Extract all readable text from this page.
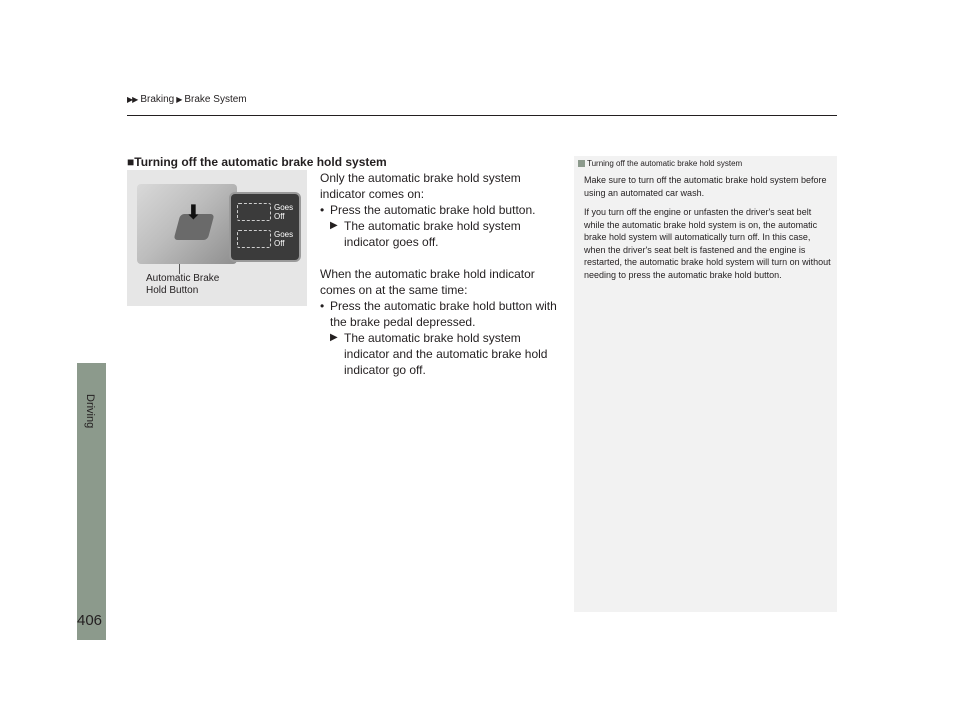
▶▶ Braking ▶ Brake System
Driving
406
■Turning off the automatic brake hold system
⬇	Goes Off
Goes Off
Automatic Brake
Hold Button

Only the automatic brake hold system

indicator comes on:

• Press the automatic brake hold button.
▶ The automatic brake hold system
indicator goes off.

When the automatic brake hold indicator

comes on at the same time:

• Press the automatic brake hold button with
the brake pedal depressed.
▶ The automatic brake hold system
indicator and the automatic brake hold
indicator go off.
Turning off the automatic brake hold system

Make sure to turn off the automatic brake hold system before using an automated car wash.

If you turn off the engine or unfasten the driver's seat belt while the automatic brake hold system is on, the automatic brake hold system will automatically turn off. In this case, when the driver's seat belt is fastened and the engine is restarted, the automatic brake hold system will turn on without needing to press the automatic brake hold button.
